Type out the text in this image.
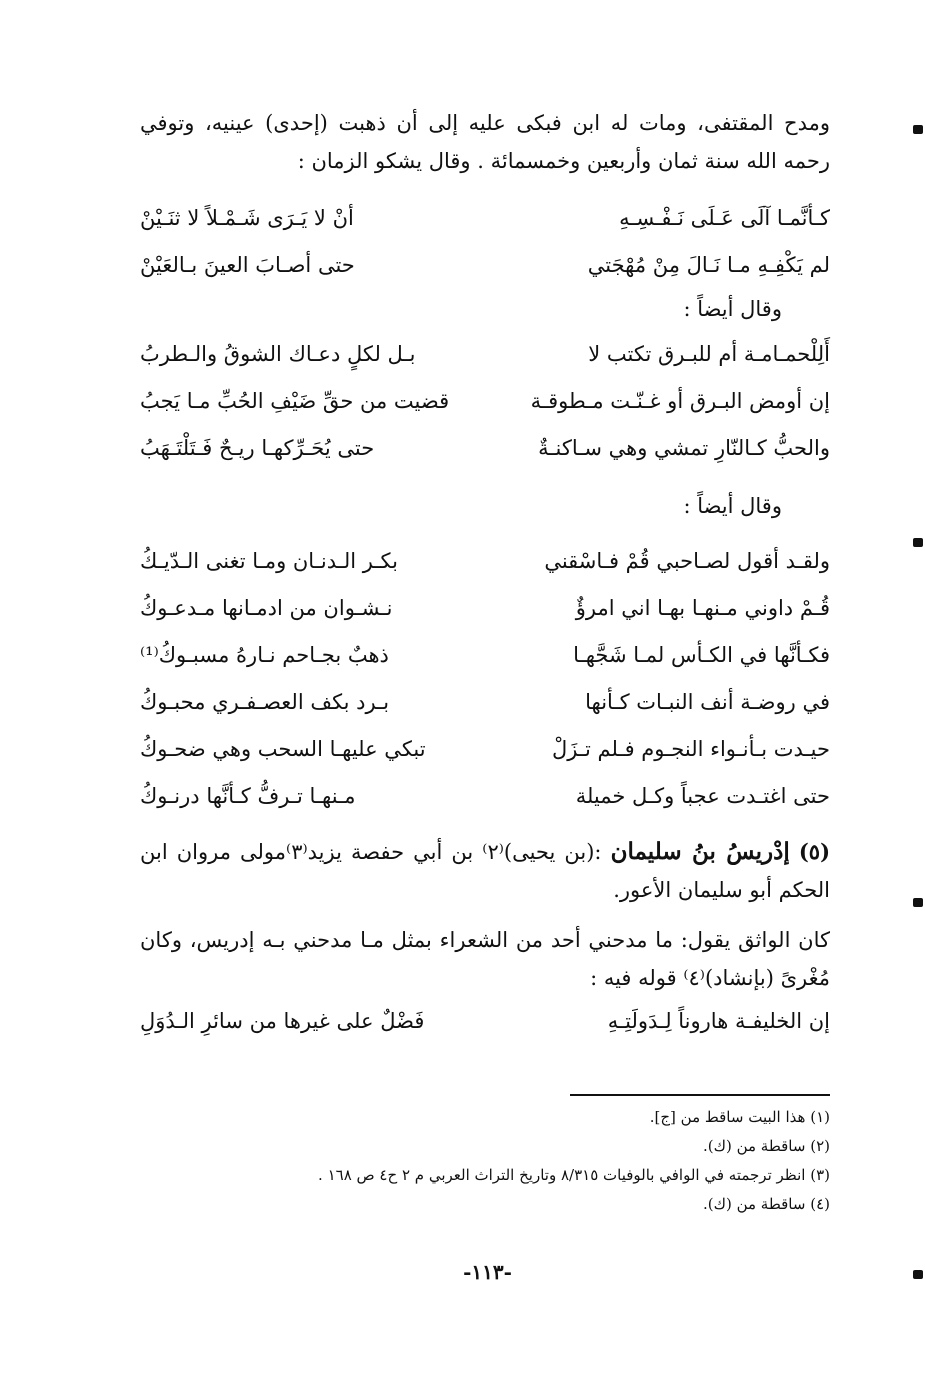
ومدح المقتفى، ومات له ابن فبكى عليه إلى أن ذهبت (إحدى) عينيه، وتوفي رحمه الله سنة ثمان وأربعين وخمسمائة . وقال يشكو الزمان :

كـأنَّمـا آلَى عَـلَى نَـفْـسِـهِ
أنْ لا يَـرَى شَـمْـلاً لا ثنَـيْنْ
لم يَكْفِـهِ مـا نَـالَ مِنْ مُهْجَتي
حتى أصـابَ العينَ بـالعَيْنْ
وقال أيضاً :
أَلِلْحمـامـة أم للبـرق تكتب لا
بـل لكلٍ دعـاك الشوقُ والـطربُ
إن أومض البـرق أو غـنّـت مـطوقـة
قضيت من حقِّ ضَيْفِ الحُبِّ مـا يَجبُ
والحبُّ كـالنّارِ تمشي وهي سـاكنـةٌ
حتى يُحَـرِّكهـا ريـحٌ فَـتَلْتَـهَبُ
وقال أيضاً :
ولقـد أقول لصـاحبي قُمْ فـاسْقني
بكـر الـدنـان ومـا تغنى الـدّيـكُ
قُـمْ داوني مـنهـا بهـا اني امرؤٌ
نـشـوان من ادمـانها مـدعـوكُ
فكـأنَّها في الكـأس لمـا شَجَّهـا
ذهبٌ بجـاحم نـارهُ مسبـوكُ⁽¹⁾
في روضـة أنف النبـات كـأنها
بـرد بكف العصـفـري محبـوكُ
حيـدت بـأنـواء النجـوم فـلم تـزَلْ
تبكي عليهـا السحب وهي ضحـوكُ
حتى اغتـدت عجباً وكـل خميلة
مـنهـا تـرفُّ كـأنَّها درنـوكُ

(٥) إدْريسُ بنُ سليمان :(بن يحيى)⁽٢⁾ بن أبي حفصة يزيد⁽٣⁾مولى مروان ابن الحكم أبو سليمان الأعور.

كان الواثق يقول: ما مدحني أحد من الشعراء بمثل مـا مدحني بـه إدريس، وكان مُغْرىً (بإنشاد)⁽٤⁾ قوله فيه :

إن الخليفـة هاروناً لِـدَولَتِـهِ
فَضْلٌ على غيرها من سائرِ الـدُوَلِ
(١) هذا البيت ساقط من [ج].
(٢) ساقطة من (ك).
(٣) انظر ترجمته في الوافي بالوفيات ٨/٣١٥ وتاريخ التراث العربي م ٢ ح٤ ص ١٦٨ .
(٤) ساقطة من (ك).
-١١٣-
